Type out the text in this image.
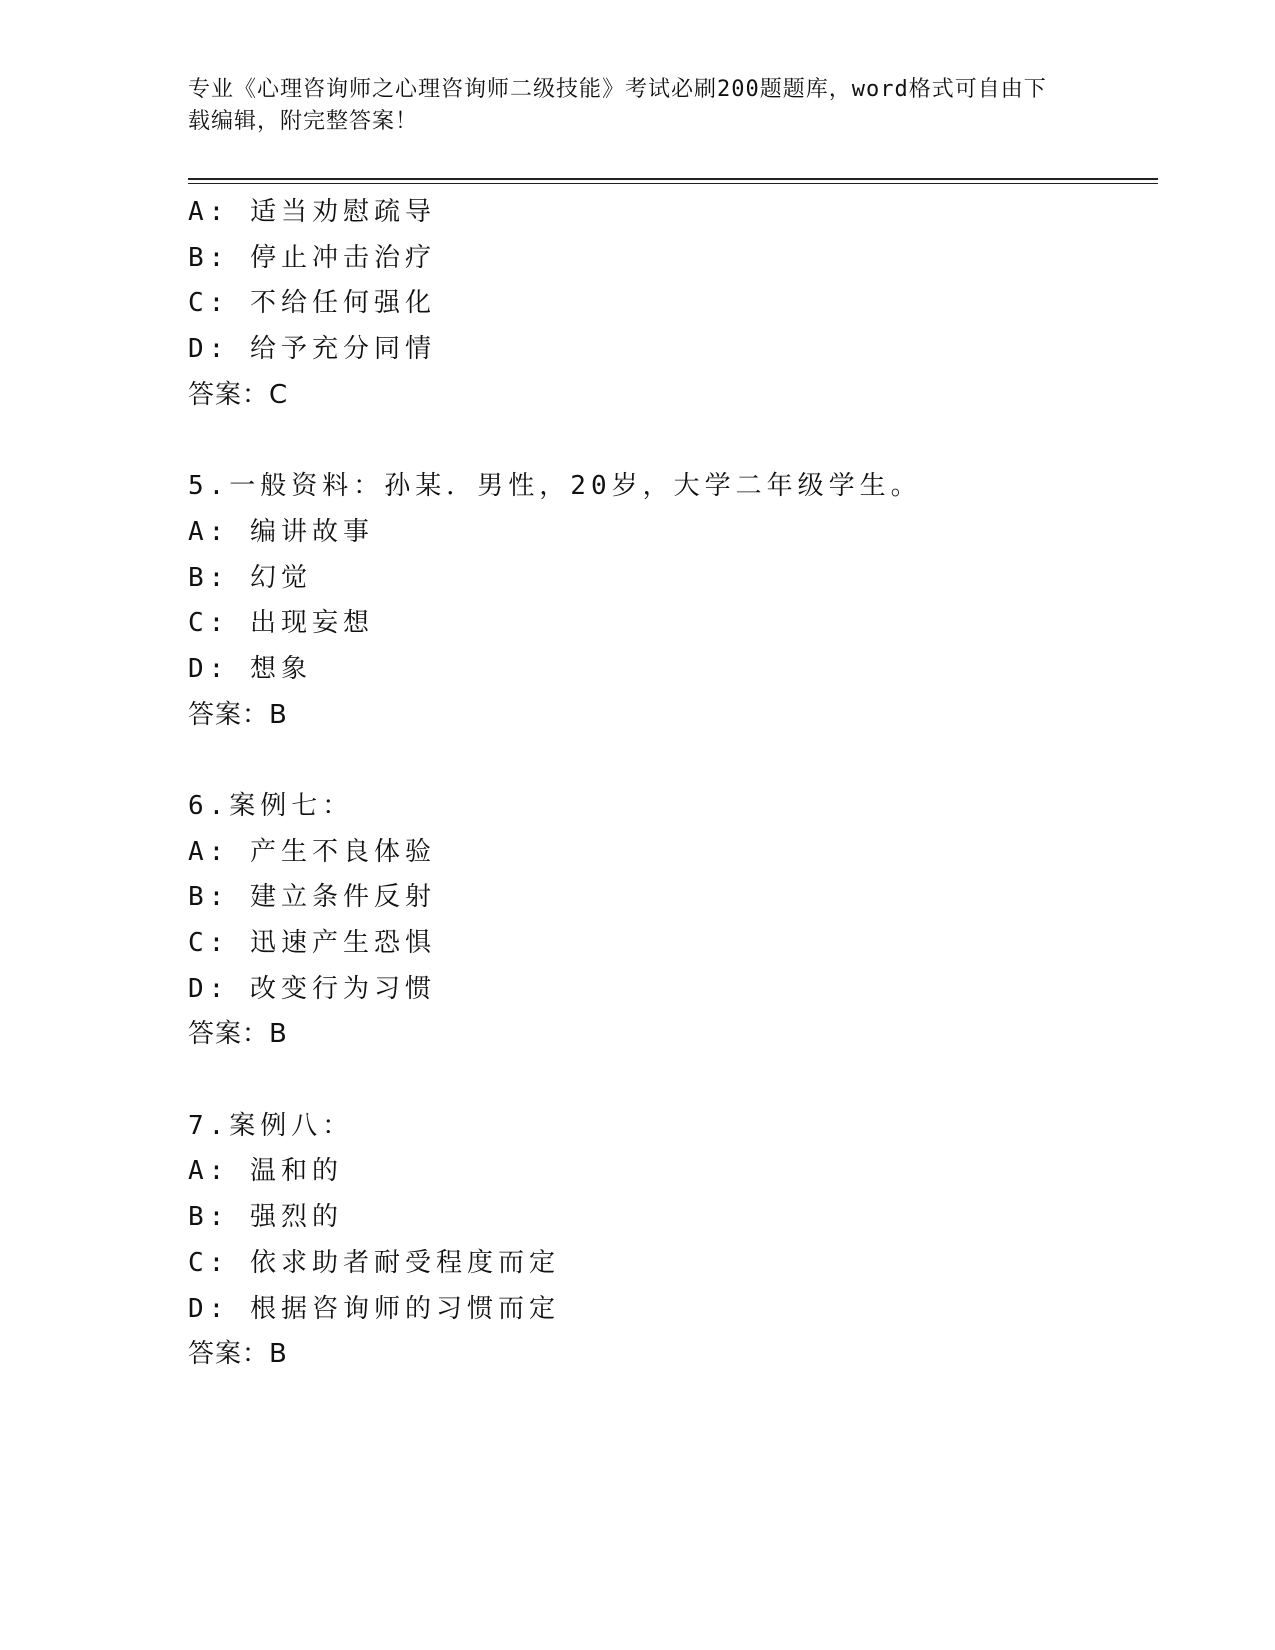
专业《心理咨询师之心理咨询师二级技能》考试必刷200题题库，word格式可自由下载编辑，附完整答案！
A: 适当劝慰疏导
B: 停止冲击治疗
C: 不给任何强化
D: 给予充分同情
答案：C
5.一般资料：孙某．男性，20岁，大学二年级学生。
A: 编讲故事
B: 幻觉
C: 出现妄想
D: 想象
答案：B
6.案例七：
A: 产生不良体验
B: 建立条件反射
C: 迅速产生恐惧
D: 改变行为习惯
答案：B
7.案例八：
A: 温和的
B: 强烈的
C: 依求助者耐受程度而定
D: 根据咨询师的习惯而定
答案：B
